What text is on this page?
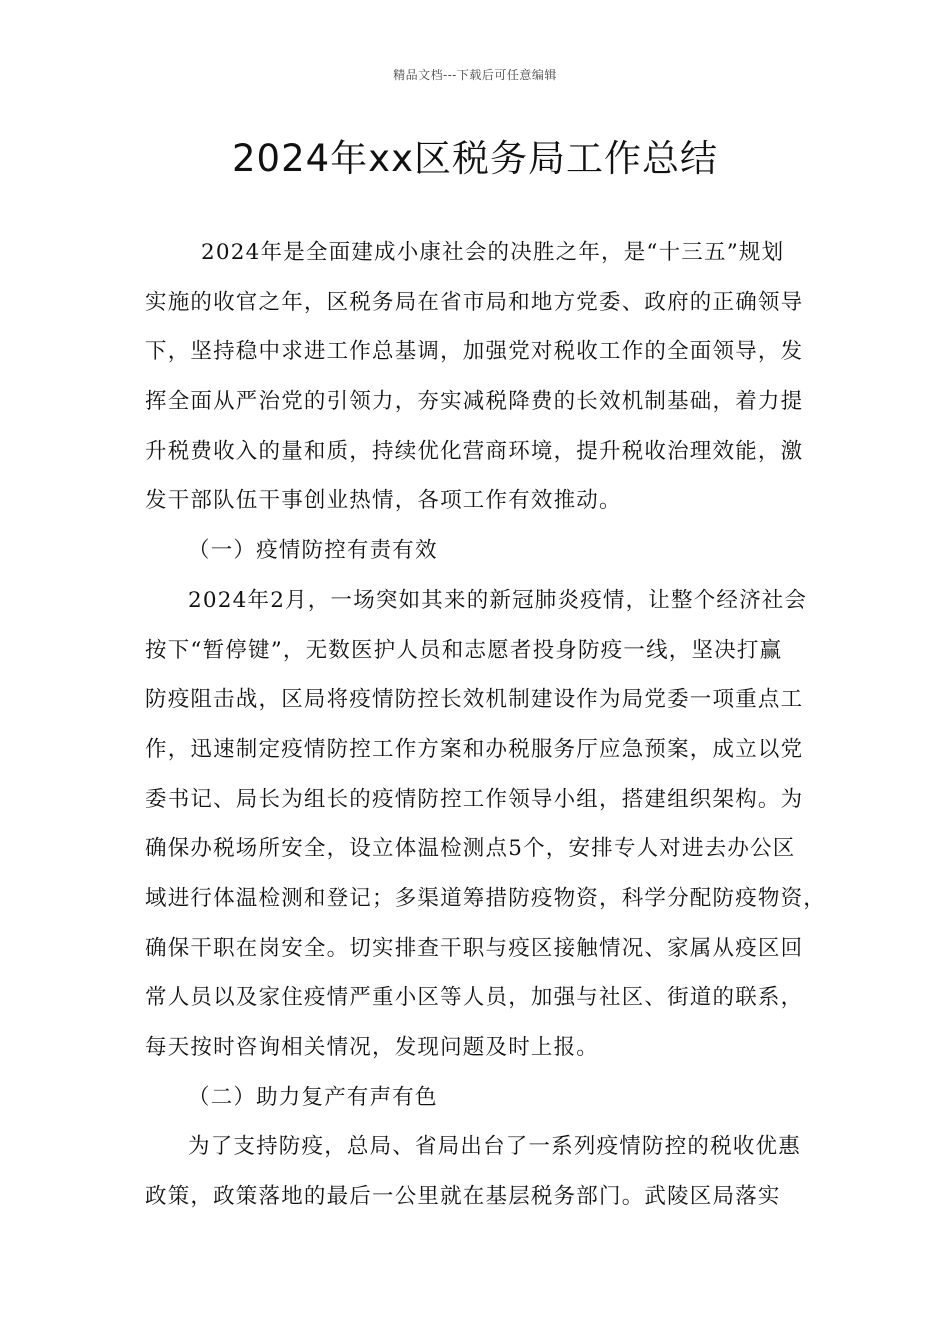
精品文档---下载后可任意编辑
2024年xx区税务局工作总结
2024年是全面建成小康社会的决胜之年，是“十三五”规划
实施的收官之年，区税务局在省市局和地方党委、政府的正确领导
下，坚持稳中求进工作总基调，加强党对税收工作的全面领导，发
挥全面从严治党的引领力，夯实减税降费的长效机制基础，着力提
升税费收入的量和质，持续优化营商环境，提升税收治理效能，激
发干部队伍干事创业热情，各项工作有效推动。
（一）疫情防控有责有效
2024年2月，一场突如其来的新冠肺炎疫情，让整个经济社会
按下“暂停键”，无数医护人员和志愿者投身防疫一线，坚决打赢
防疫阻击战，区局将疫情防控长效机制建设作为局党委一项重点工
作，迅速制定疫情防控工作方案和办税服务厅应急预案，成立以党
委书记、局长为组长的疫情防控工作领导小组，搭建组织架构。为
确保办税场所安全，设立体温检测点5个，安排专人对进去办公区
域进行体温检测和登记；多渠道筹措防疫物资，科学分配防疫物资，
确保干职在岗安全。切实排查干职与疫区接触情况、家属从疫区回
常人员以及家住疫情严重小区等人员，加强与社区、街道的联系，
每天按时咨询相关情况，发现问题及时上报。
（二）助力复产有声有色
为了支持防疫，总局、省局出台了一系列疫情防控的税收优惠
政策，政策落地的最后一公里就在基层税务部门。武陵区局落实
